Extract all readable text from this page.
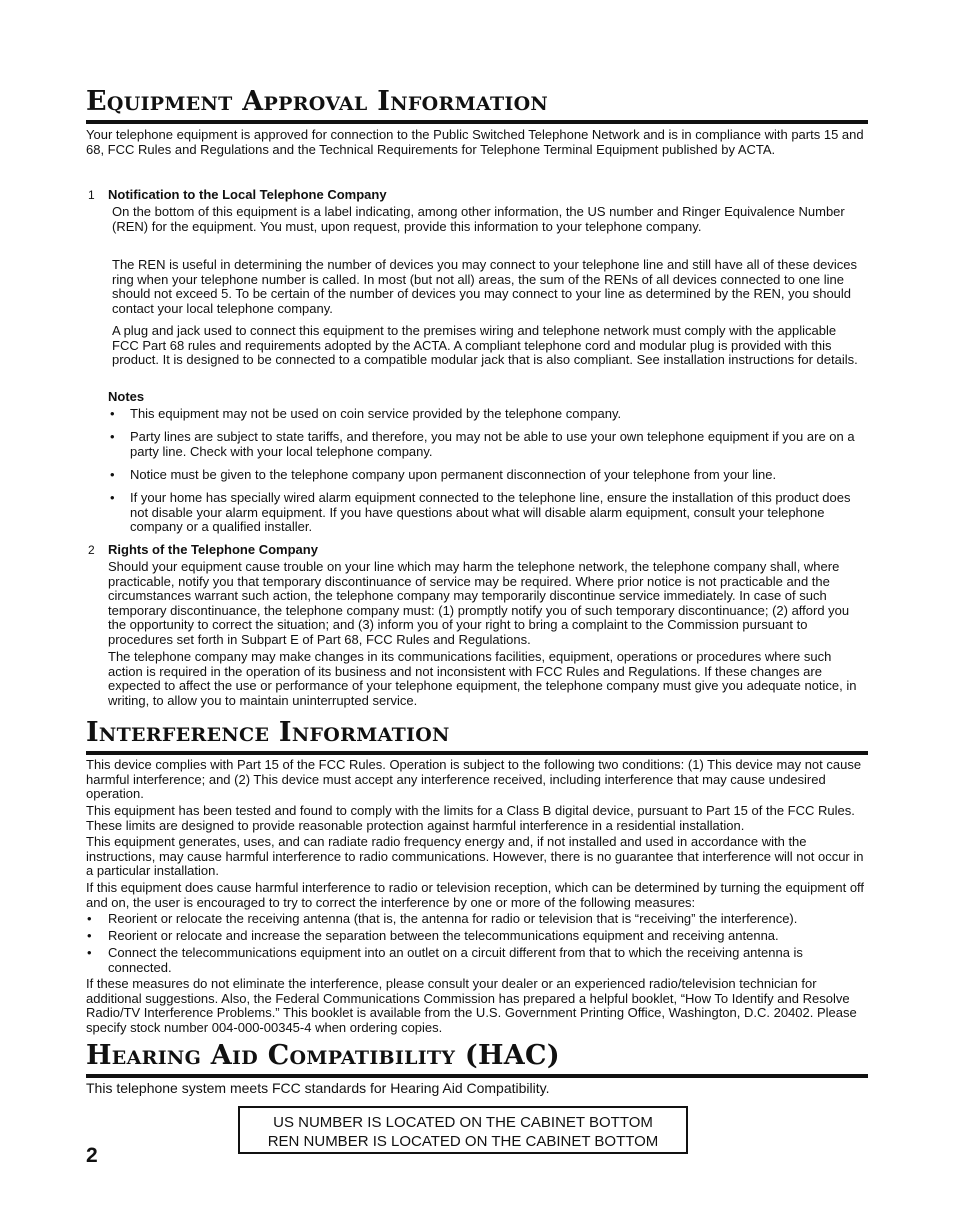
Equipment Approval Information

Your telephone equipment is approved for connection to the Public Switched Telephone Network and is in compliance with parts 15 and 68, FCC Rules and Regulations and the Technical Requirements for Telephone Terminal Equipment published by ACTA.

1 Notification to the Local Telephone Company

On the bottom of this equipment is a label indicating, among other information, the US number and Ringer Equivalence Number (REN) for the equipment. You must, upon request, provide this information to your telephone company.

The REN is useful in determining the number of devices you may connect to your telephone line and still have all of these devices ring when your telephone number is called. In most (but not all) areas, the sum of the RENs of all devices connected to one line should not exceed 5. To be certain of the number of devices you may connect to your line as determined by the REN, you should contact your local telephone company.

A plug and jack used to connect this equipment to the premises wiring and telephone network must comply with the applicable FCC Part 68 rules and requirements adopted by the ACTA. A compliant telephone cord and modular plug is provided with this product. It is designed to be connected to a compatible modular jack that is also compliant. See installation instructions for details.

Notes
• This equipment may not be used on coin service provided by the telephone company.

• Party lines are subject to state tariffs, and therefore, you may not be able to use your own telephone equipment if you are on a party line. Check with your local telephone company.

• Notice must be given to the telephone company upon permanent disconnection of your telephone from your line.

• If your home has specially wired alarm equipment connected to the telephone line, ensure the installation of this product does not disable your alarm equipment. If you have questions about what will disable alarm equipment, consult your telephone company or a qualified installer.

2 Rights of the Telephone Company

Should your equipment cause trouble on your line which may harm the telephone network, the telephone company shall, where practicable, notify you that temporary discontinuance of service may be required. Where prior notice is not practicable and the circumstances warrant such action, the telephone company may temporarily discontinue service immediately. In case of such temporary discontinuance, the telephone company must: (1) promptly notify you of such temporary discontinuance; (2) afford you the opportunity to correct the situation; and (3) inform you of your right to bring a complaint to the Commission pursuant to procedures set forth in Subpart E of Part 68, FCC Rules and Regulations.

The telephone company may make changes in its communications facilities, equipment, operations or procedures where such action is required in the operation of its business and not inconsistent with FCC Rules and Regulations. If these changes are expected to affect the use or performance of your telephone equipment, the telephone company must give you adequate notice, in writing, to allow you to maintain uninterrupted service.

Interference Information

This device complies with Part 15 of the FCC Rules. Operation is subject to the following two conditions: (1) This device may not cause harmful interference; and (2) This device must accept any interference received, including interference that may cause undesired operation.

This equipment has been tested and found to comply with the limits for a Class B digital device, pursuant to Part 15 of the FCC Rules. These limits are designed to provide reasonable protection against harmful interference in a residential installation.

This equipment generates, uses, and can radiate radio frequency energy and, if not installed and used in accordance with the instructions, may cause harmful interference to radio communications. However, there is no guarantee that interference will not occur in a particular installation.

If this equipment does cause harmful interference to radio or television reception, which can be determined by turning the equipment off and on, the user is encouraged to try to correct the interference by one or more of the following measures:

• Reorient or relocate the receiving antenna (that is, the antenna for radio or television that is “receiving” the interference).

• Reorient or relocate and increase the separation between the telecommunications equipment and receiving antenna.

• Connect the telecommunications equipment into an outlet on a circuit different from that to which the receiving antenna is connected.

If these measures do not eliminate the interference, please consult your dealer or an experienced radio/television technician for additional suggestions. Also, the Federal Communications Commission has prepared a helpful booklet, “How To Identify and Resolve Radio/TV Interference Problems.” This booklet is available from the U.S. Government Printing Office, Washington, D.C. 20402. Please specify stock number 004-000-00345-4 when ordering copies.

Hearing Aid Compatibility (HAC)

This telephone system meets FCC standards for Hearing Aid Compatibility.

US NUMBER IS LOCATED ON THE CABINET BOTTOM
REN NUMBER IS LOCATED ON THE CABINET BOTTOM
2
